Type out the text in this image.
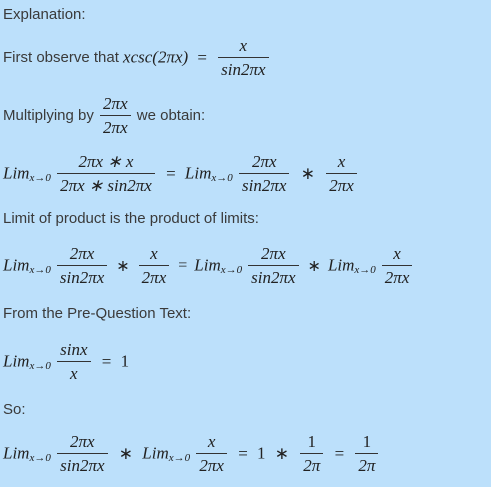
Explanation:
First observe that $xcsc(2\pi x) = \frac{x}{\sin 2\pi x}$
Multiplying by $\frac{2\pi x}{2\pi x}$ we obtain:
$Lim_{x\to 0} \frac{2\pi x ∗ x}{2\pi x ∗ \sin 2\pi x} = Lim_{x\to 0} \frac{2\pi x}{\sin 2\pi x}$ ∗ $\frac{x}{2\pi x}$
Limit of product is the product of limits:
$Lim_{x\to 0} \frac{2\pi x}{\sin 2\pi x}$ ∗ $\frac{x}{2\pi x} = Lim_{x\to 0} \frac{2\pi x}{\sin 2\pi x}$ ∗ $Lim_{x\to 0} \frac{x}{2\pi x}$
From the Pre-Question Text:
$Lim_{x\to 0} \frac{\sin x}{x} = 1$
So:
$Lim_{x\to 0} \frac{2\pi x}{\sin 2\pi x}$ ∗ $Lim_{x\to 0} \frac{x}{2\pi x} = 1$ ∗ $\frac{1}{2\pi} = \frac{1}{2\pi}$
